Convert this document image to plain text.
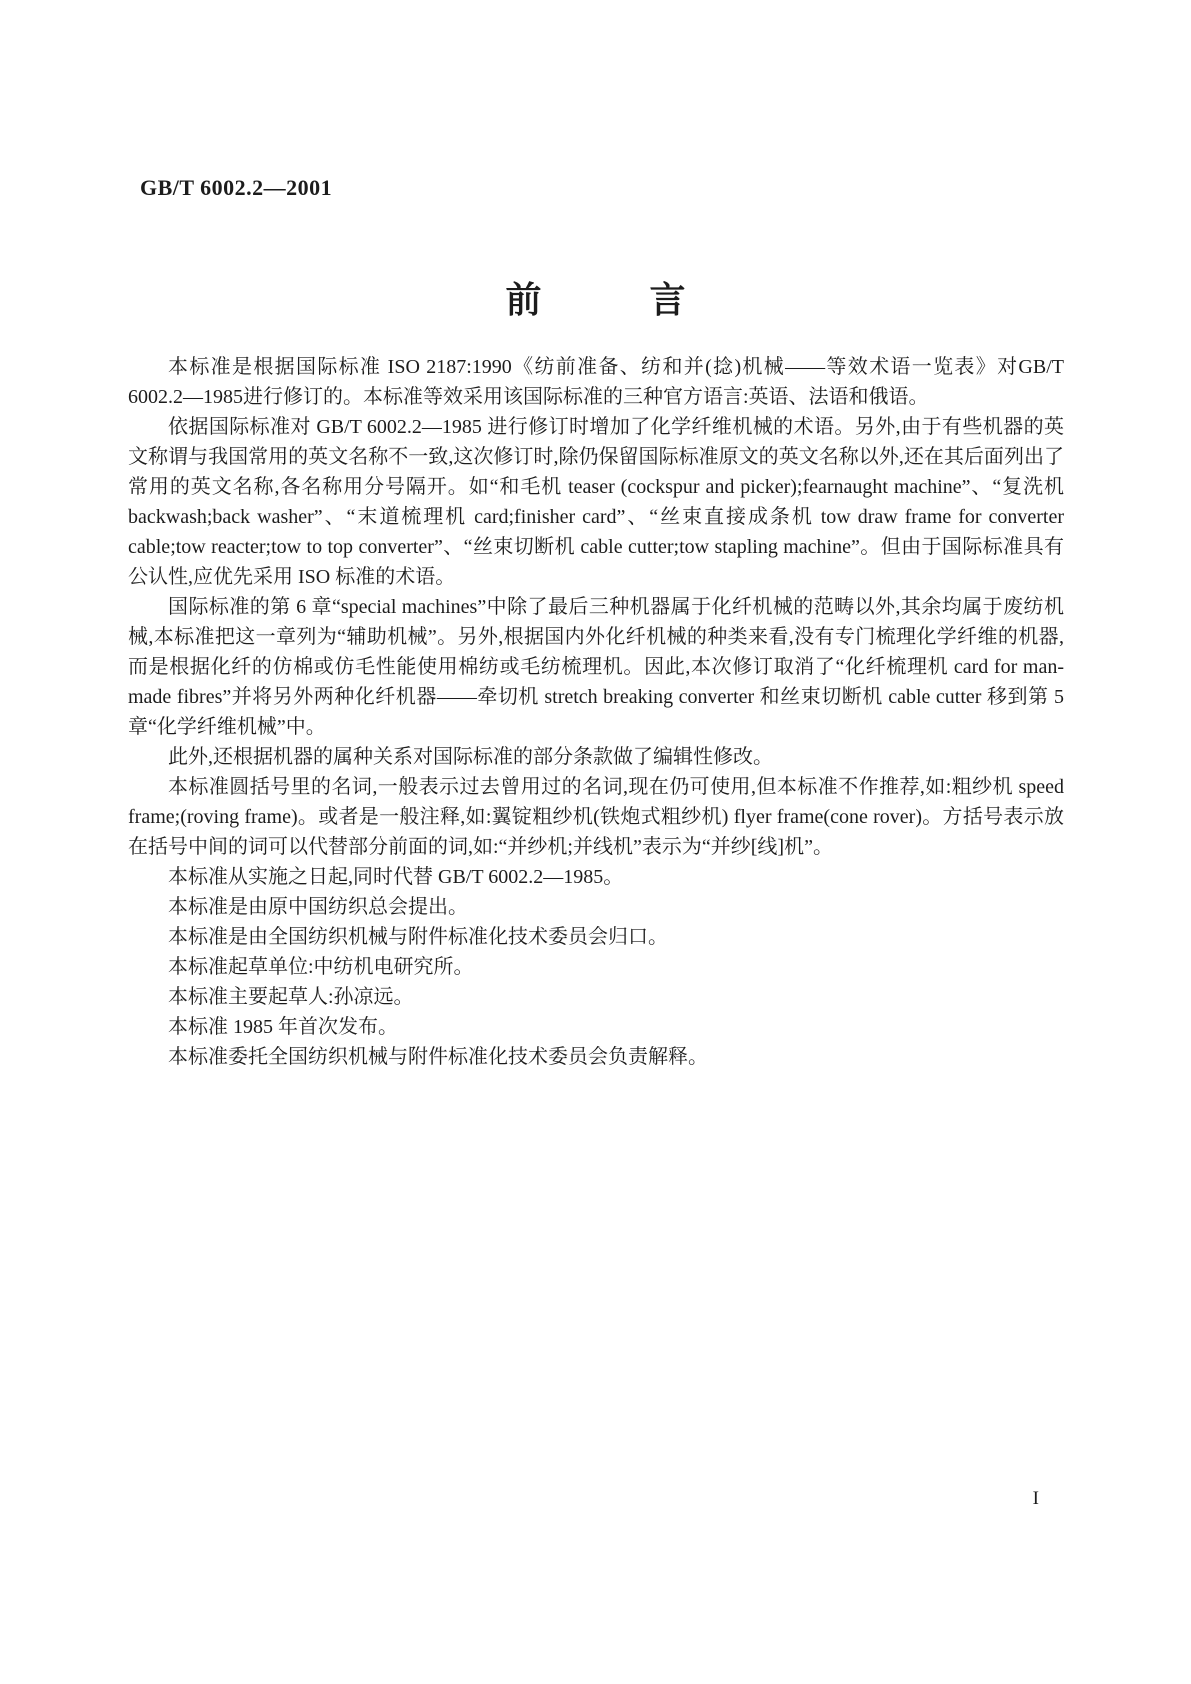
GB/T 6002.2—2001
前　　　言

本标准是根据国际标准 ISO 2187:1990《纺前准备、纺和并(捻)机械——等效术语一览表》对GB/T 6002.2—1985进行修订的。本标准等效采用该国际标准的三种官方语言:英语、法语和俄语。

依据国际标准对 GB/T 6002.2—1985 进行修订时增加了化学纤维机械的术语。另外,由于有些机器的英文称谓与我国常用的英文名称不一致,这次修订时,除仍保留国际标准原文的英文名称以外,还在其后面列出了常用的英文名称,各名称用分号隔开。如“和毛机 teaser (cockspur and picker);fearnaught machine”、“复洗机 backwash;back washer”、“末道梳理机 card;finisher card”、“丝束直接成条机 tow draw frame for converter cable;tow reacter;tow to top converter”、“丝束切断机 cable cutter;tow stapling machine”。但由于国际标准具有公认性,应优先采用 ISO 标准的术语。

国际标准的第 6 章“special machines”中除了最后三种机器属于化纤机械的范畴以外,其余均属于废纺机械,本标准把这一章列为“辅助机械”。另外,根据国内外化纤机械的种类来看,没有专门梳理化学纤维的机器,而是根据化纤的仿棉或仿毛性能使用棉纺或毛纺梳理机。因此,本次修订取消了“化纤梳理机 card for man-made fibres”并将另外两种化纤机器——牵切机 stretch breaking converter 和丝束切断机 cable cutter 移到第 5 章“化学纤维机械”中。

此外,还根据机器的属种关系对国际标准的部分条款做了编辑性修改。

本标准圆括号里的名词,一般表示过去曾用过的名词,现在仍可使用,但本标准不作推荐,如:粗纱机 speed frame;(roving frame)。或者是一般注释,如:翼锭粗纱机(铁炮式粗纱机) flyer frame(cone rover)。方括号表示放在括号中间的词可以代替部分前面的词,如:“并纱机;并线机”表示为“并纱[线]机”。

本标准从实施之日起,同时代替 GB/T 6002.2—1985。

本标准是由原中国纺织总会提出。

本标准是由全国纺织机械与附件标准化技术委员会归口。

本标准起草单位:中纺机电研究所。

本标准主要起草人:孙凉远。

本标准 1985 年首次发布。

本标准委托全国纺织机械与附件标准化技术委员会负责解释。

I
